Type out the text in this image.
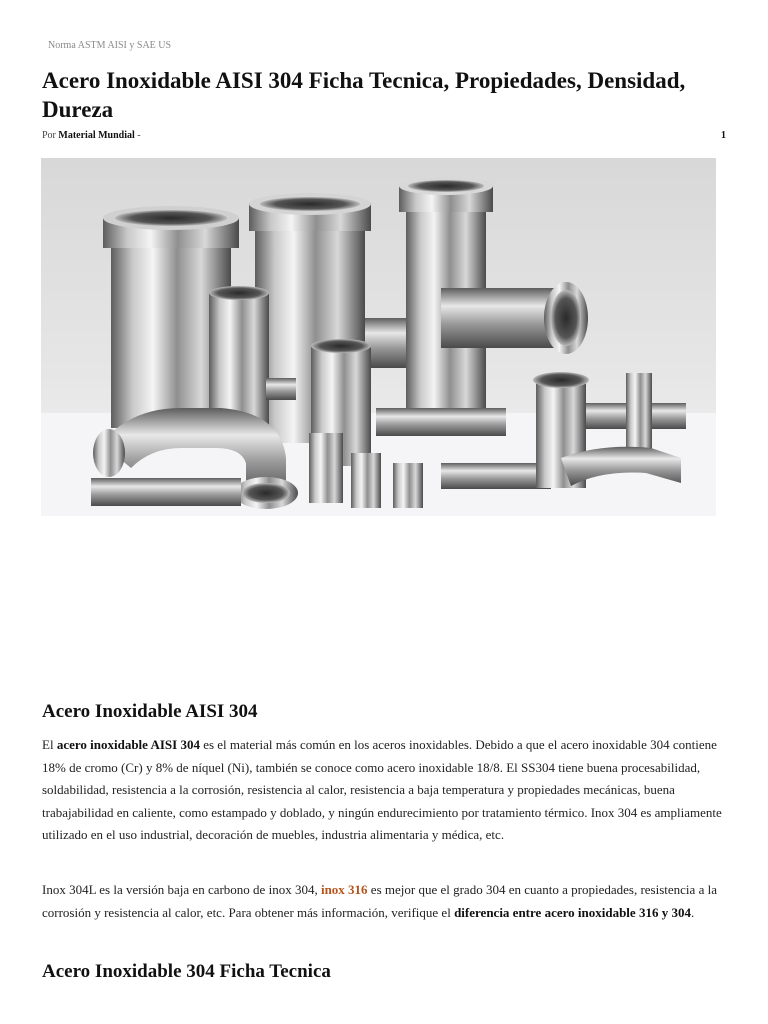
Norma ASTM AISI y SAE US
Acero Inoxidable AISI 304 Ficha Tecnica, Propiedades, Densidad, Dureza
Por Material Mundial -	1
Acero Inoxidable AISI 304

El acero inoxidable AISI 304 es el material más común en los aceros inoxidables. Debido a que el acero inoxidable 304 contiene 18% de cromo (Cr) y 8% de níquel (Ni), también se conoce como acero inoxidable 18/8. El SS304 tiene buena procesabilidad, soldabilidad, resistencia a la corrosión, resistencia al calor, resistencia a baja temperatura y propiedades mecánicas, buena trabajabilidad en caliente, como estampado y doblado, y ningún endurecimiento por tratamiento térmico. Inox 304 es ampliamente utilizado en el uso industrial, decoración de muebles, industria alimentaria y médica, etc.

Inox 304L es la versión baja en carbono de inox 304, inox 316 es mejor que el grado 304 en cuanto a propiedades, resistencia a la corrosión y resistencia al calor, etc. Para obtener más información, verifique el diferencia entre acero inoxidable 316 y 304.

Acero Inoxidable 304 Ficha Tecnica
